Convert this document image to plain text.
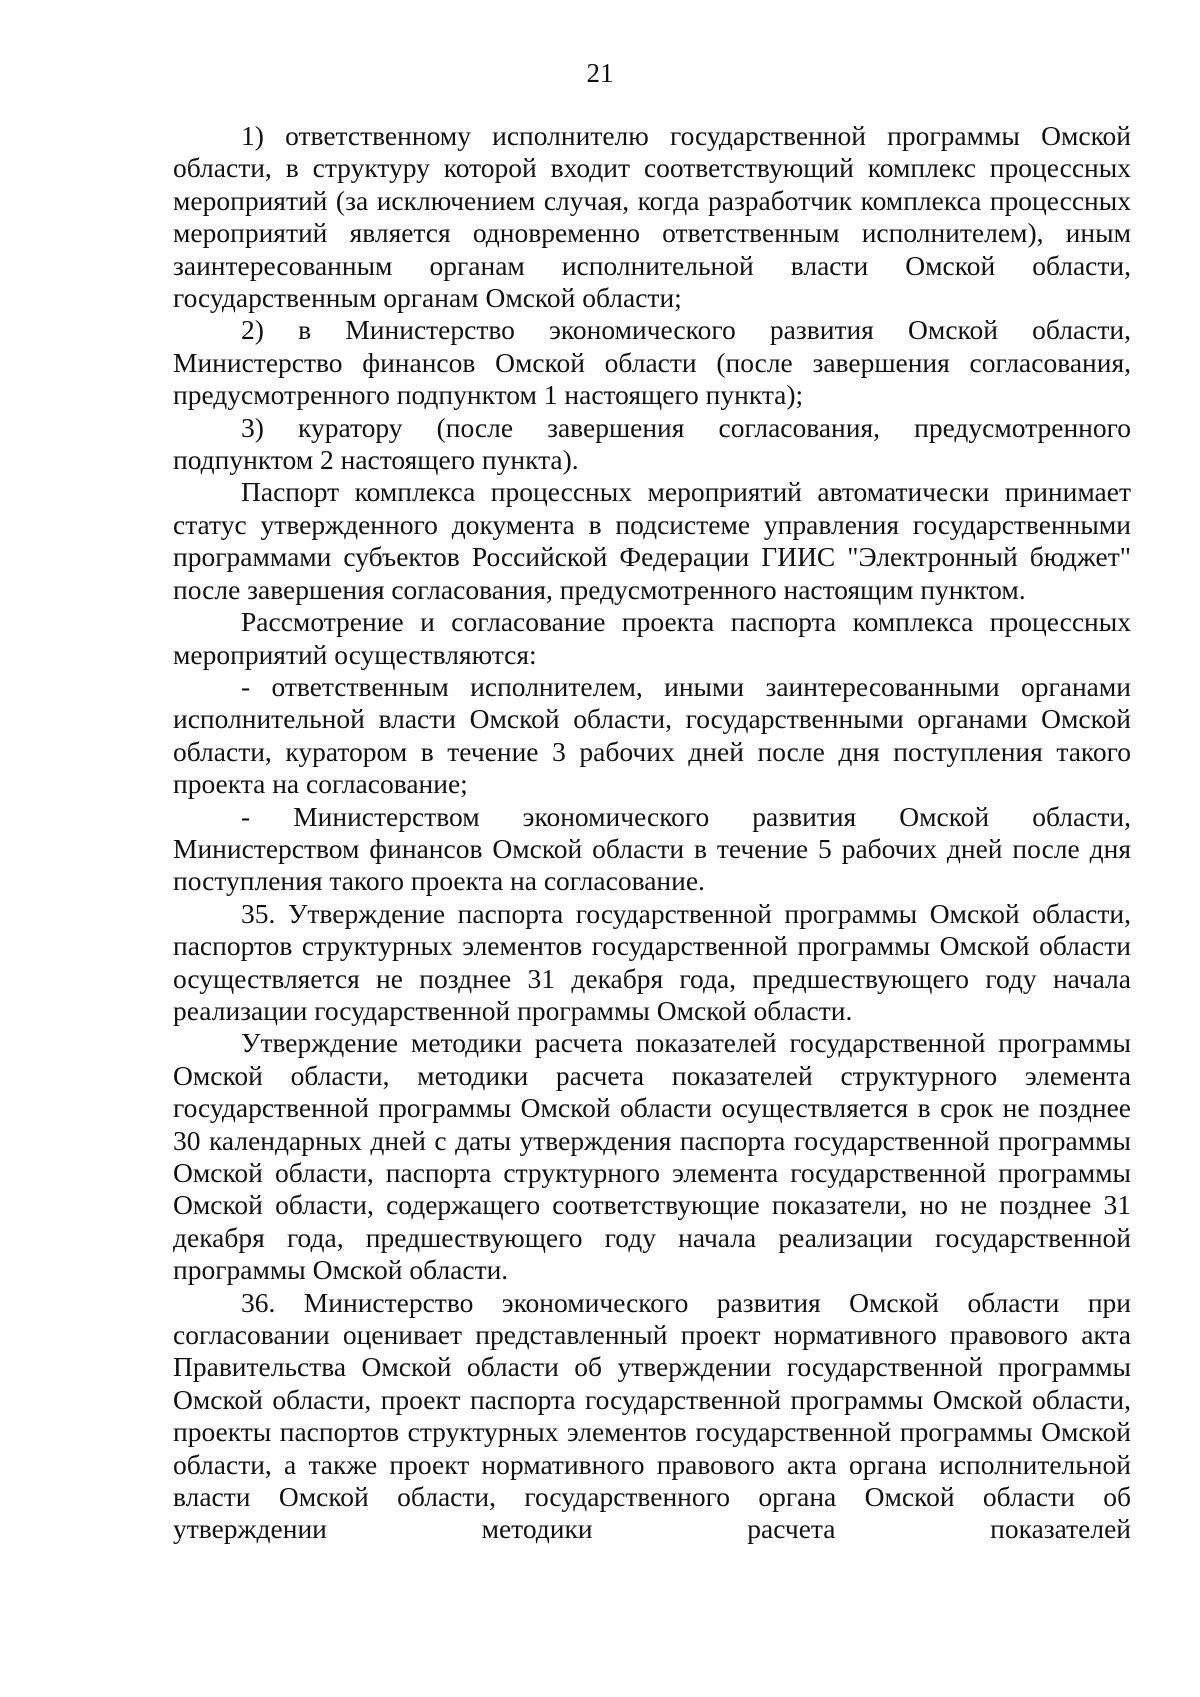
21

1) ответственному исполнителю государственной программы Омской области, в структуру которой входит соответствующий комплекс процессных мероприятий (за исключением случая, когда разработчик комплекса процессных мероприятий является одновременно ответственным исполнителем), иным заинтересованным органам исполнительной власти Омской области, государственным органам Омской области;

2) в Министерство экономического развития Омской области, Министерство финансов Омской области (после завершения согласования, предусмотренного подпунктом 1 настоящего пункта);

3) куратору (после завершения согласования, предусмотренного подпунктом 2 настоящего пункта).

Паспорт комплекса процессных мероприятий автоматически принимает статус утвержденного документа в подсистеме управления государственными программами субъектов Российской Федерации ГИИС "Электронный бюджет" после завершения согласования, предусмотренного настоящим пунктом.

Рассмотрение и согласование проекта паспорта комплекса процессных мероприятий осуществляются:

- ответственным исполнителем, иными заинтересованными органами исполнительной власти Омской области, государственными органами Омской области, куратором в течение 3 рабочих дней после дня поступления такого проекта на согласование;

- Министерством экономического развития Омской области, Министерством финансов Омской области в течение 5 рабочих дней после дня поступления такого проекта на согласование.

35. Утверждение паспорта государственной программы Омской области, паспортов структурных элементов государственной программы Омской области осуществляется не позднее 31 декабря года, предшествующего году начала реализации государственной программы Омской области.

Утверждение методики расчета показателей государственной программы Омской области, методики расчета показателей структурного элемента государственной программы Омской области осуществляется в срок не позднее 30 календарных дней с даты утверждения паспорта государственной программы Омской области, паспорта структурного элемента государственной программы Омской области, содержащего соответствующие показатели, но не позднее 31 декабря года, предшествующего году начала реализации государственной программы Омской области.

36. Министерство экономического развития Омской области при согласовании оценивает представленный проект нормативного правового акта Правительства Омской области об утверждении государственной программы Омской области, проект паспорта государственной программы Омской области, проекты паспортов структурных элементов государственной программы Омской области, а также проект нормативного правового акта органа исполнительной власти Омской области, государственного органа Омской области об утверждении методики расчета показателей
